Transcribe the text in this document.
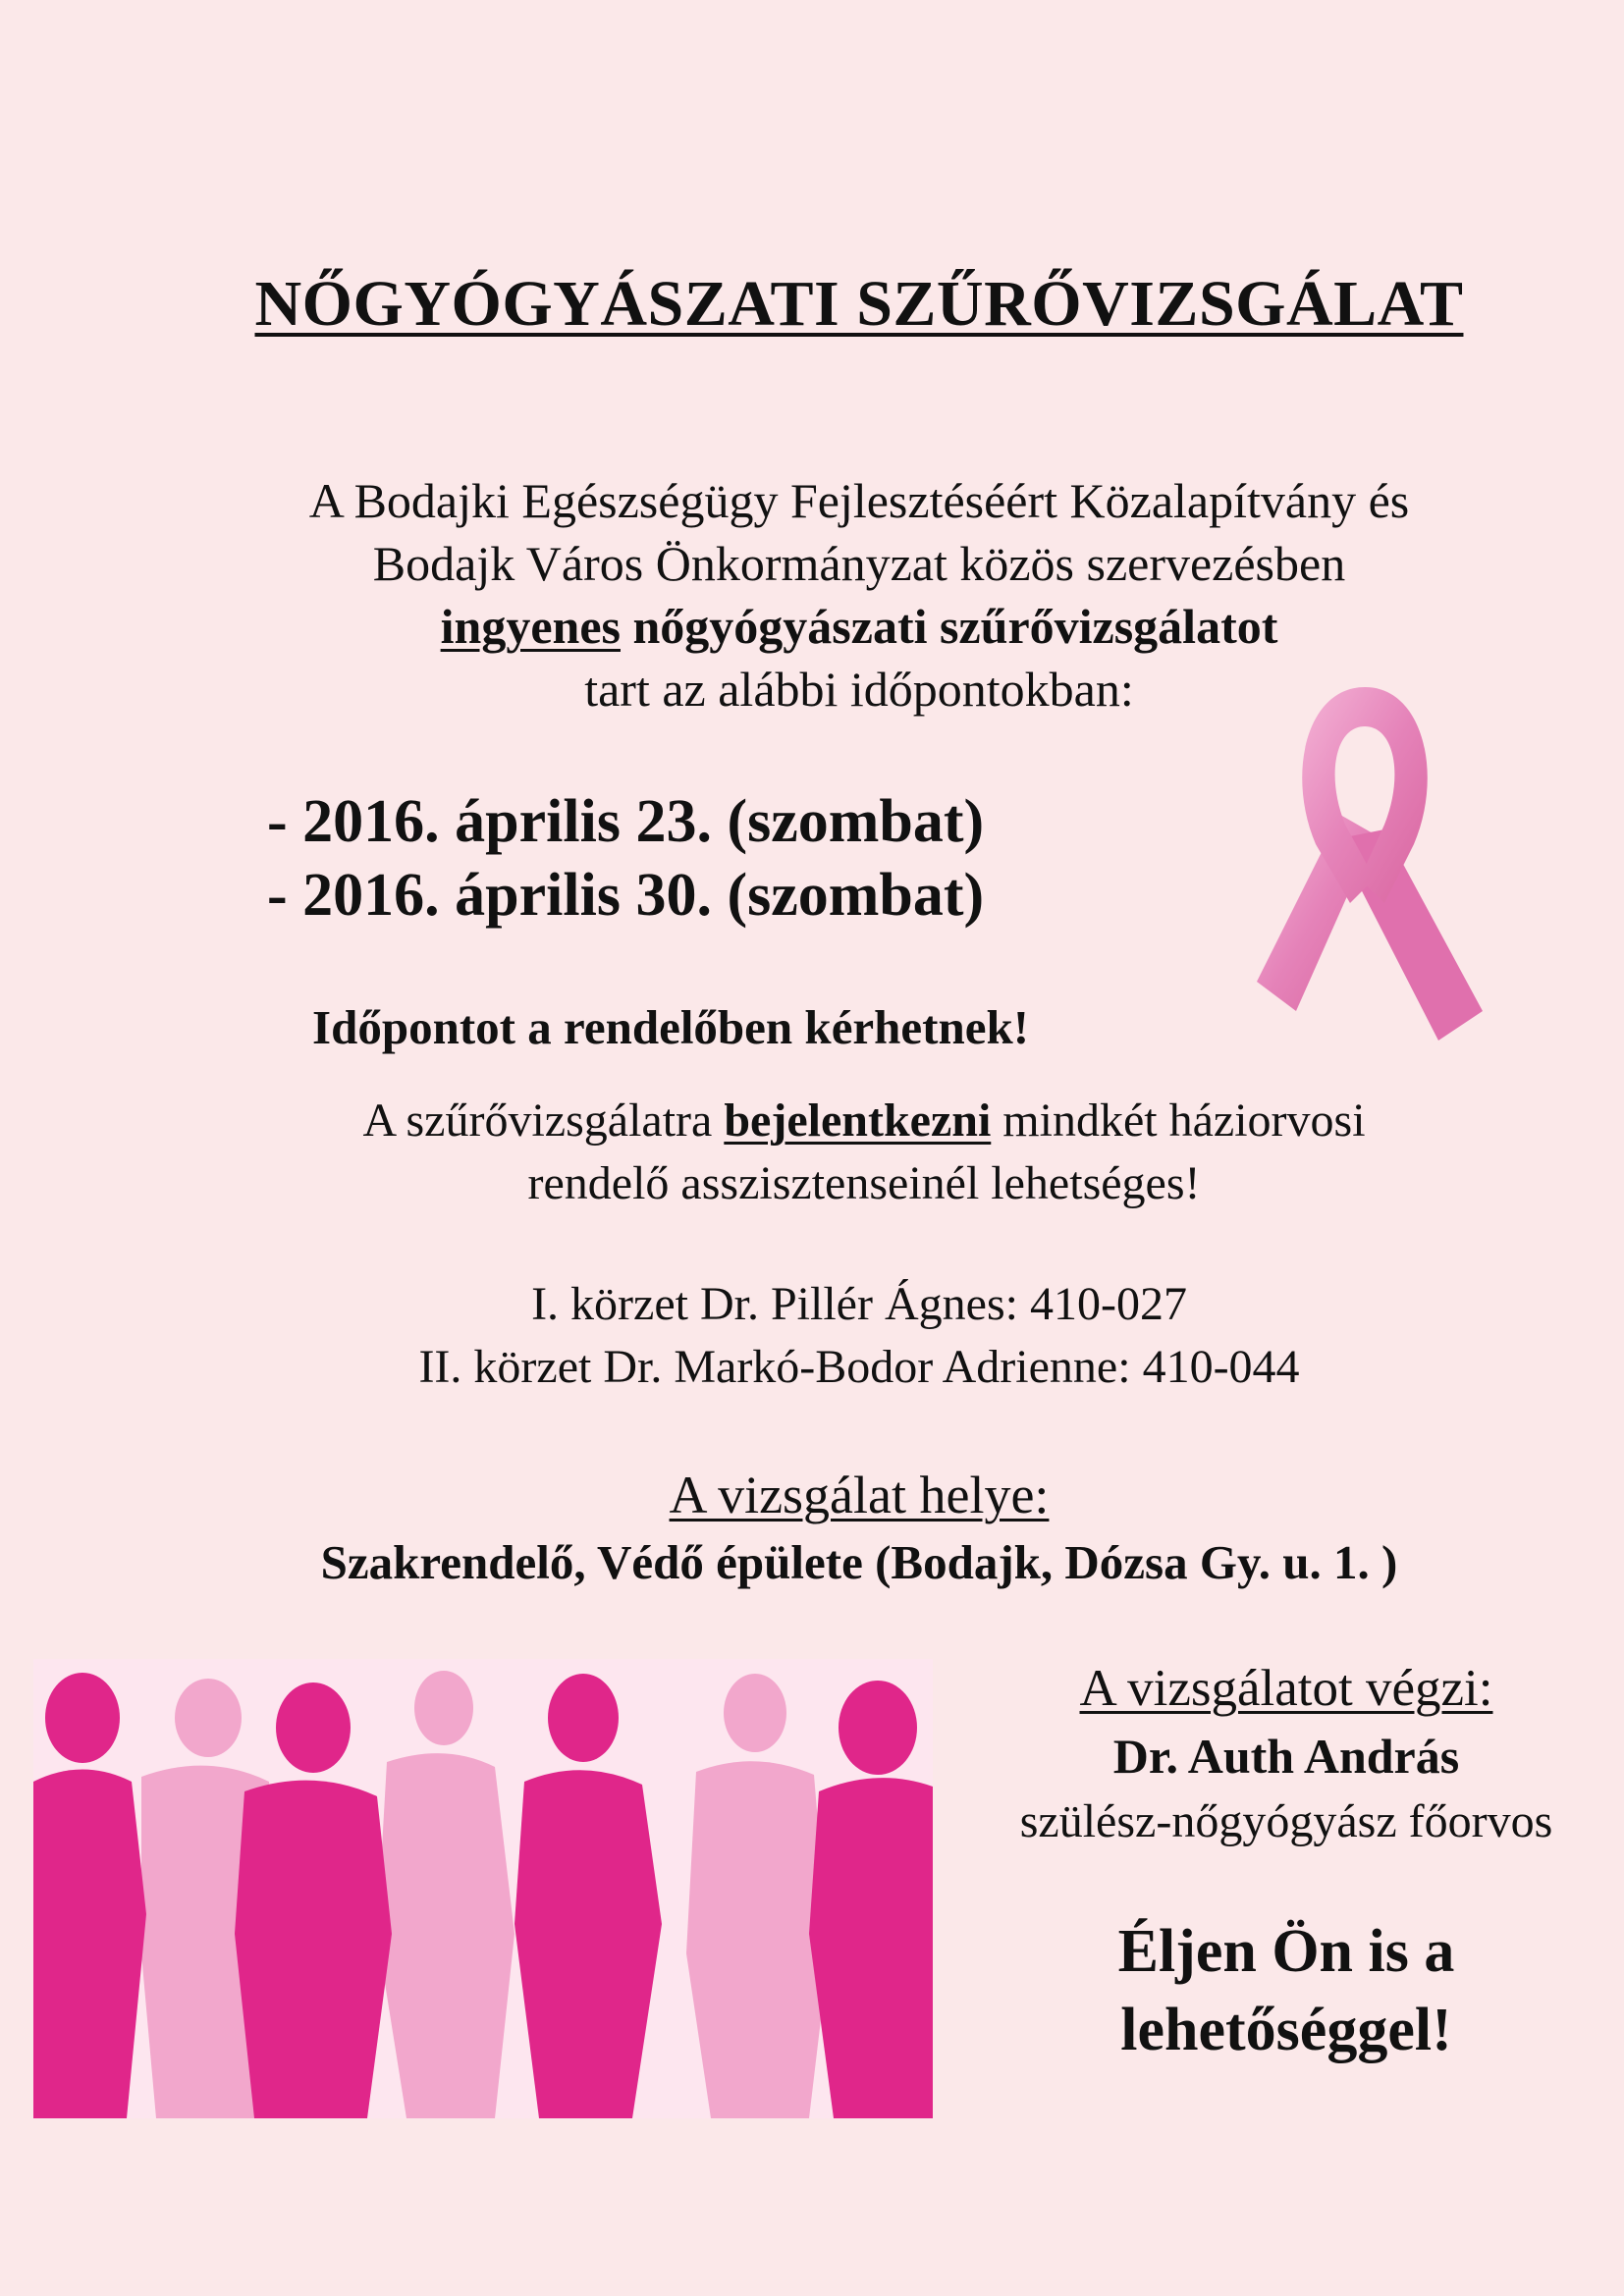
NŐGYÓGYÁSZATI SZŰRŐVIZSGÁLAT
A Bodajki Egészségügy Fejlesztéséért Közalapítvány és
Bodajk Város Önkormányzat közös szervezésben
ingyenes nőgyógyászati szűrővizsgálatot
tart az alábbi időpontokban:
- 2016. április 23. (szombat)
- 2016. április 30. (szombat)
Időpontot a rendelőben kérhetnek!
A szűrővizsgálatra bejelentkezni mindkét háziorvosi
rendelő asszisztenseinél lehetséges!
I. körzet Dr. Pillér Ágnes: 410-027
II. körzet Dr. Markó-Bodor Adrienne: 410-044
A vizsgálat helye:
Szakrendelő, Védő épülete (Bodajk, Dózsa Gy. u. 1. )
A vizsgálatot végzi:
Dr. Auth András
szülész-nőgyógyász főorvos
Éljen Ön is a
lehetőséggel!
